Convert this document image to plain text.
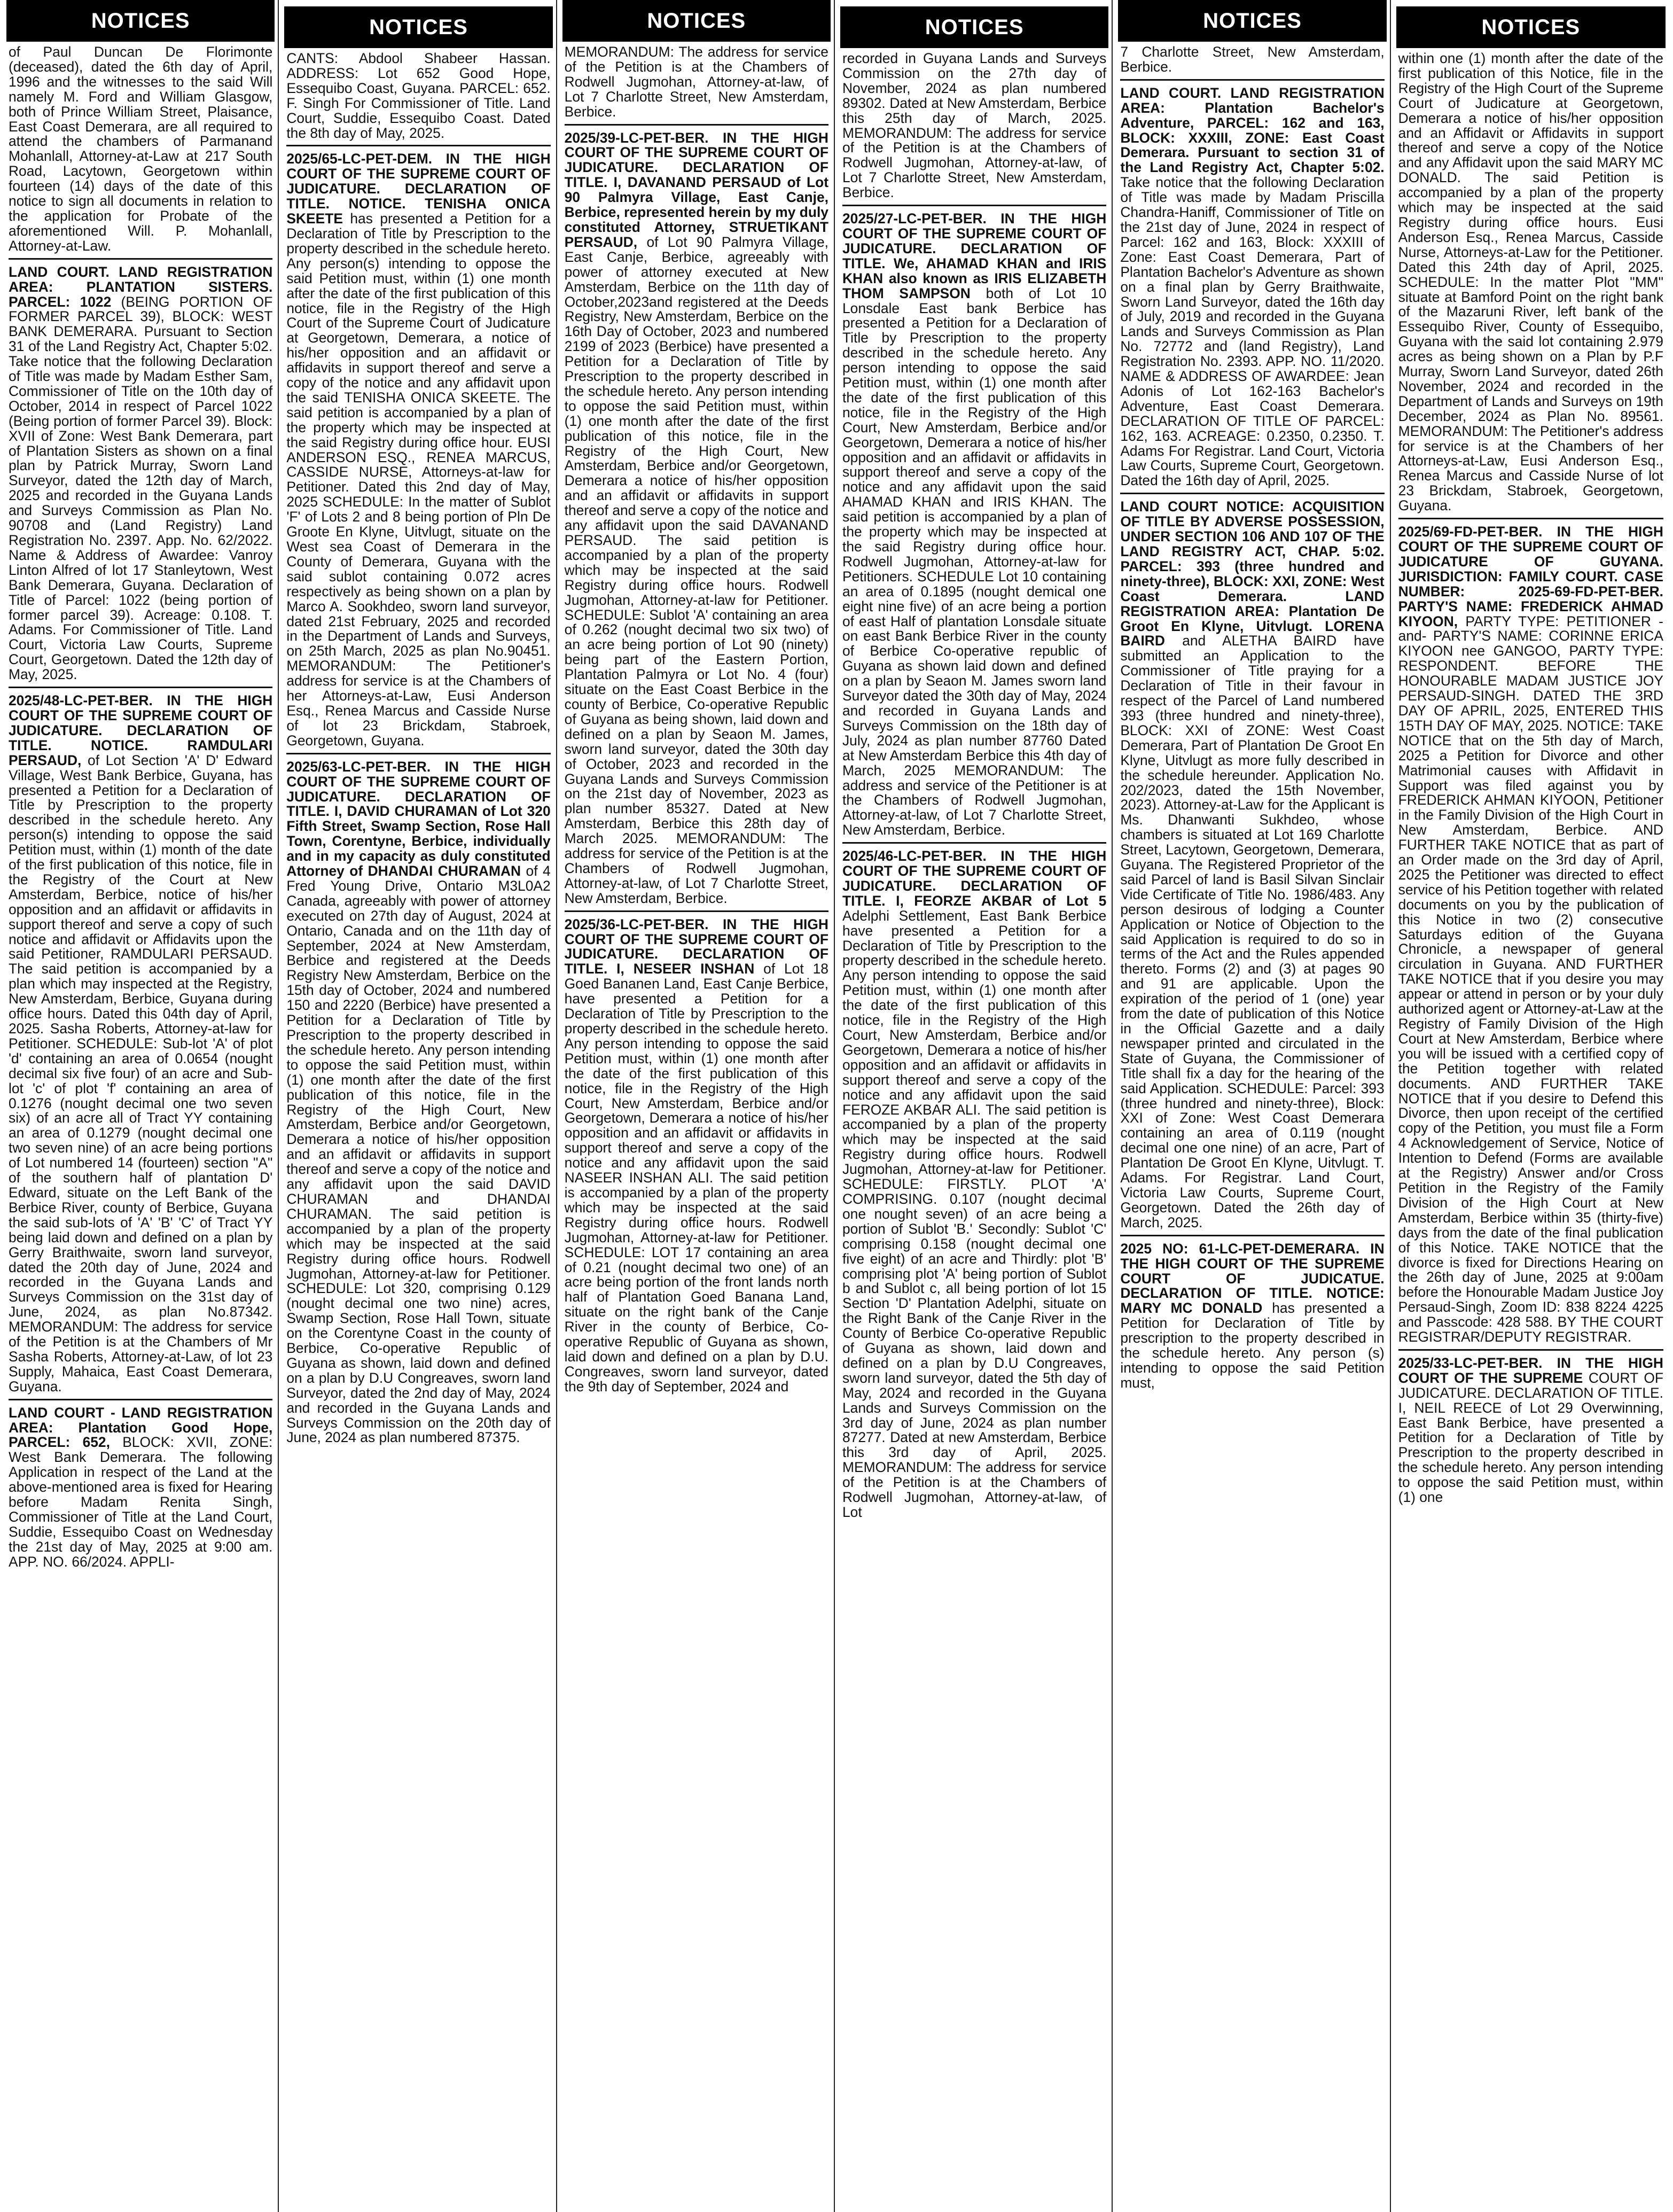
NOTICES

of Paul Duncan De Florimonte (deceased), dated the 6th day of April, 1996 and the witnesses to the said Will namely M. Ford and William Glasgow, both of Prince William Street, Plaisance, East Coast Demerara, are all required to attend the chambers of Parmanand Mohanlall, Attorney-at-Law at 217 South Road, Lacytown, Georgetown within fourteen (14) days of the date of this notice to sign all documents in relation to the application for Probate of the aforementioned Will. P. Mohanlall, Attorney-at-Law.

LAND COURT. LAND REGISTRATION AREA: PLANTATION SISTERS. PARCEL: 1022 (BEING PORTION OF FORMER PARCEL 39), BLOCK: WEST BANK DEMERARA. Pursuant to Section 31 of the Land Registry Act, Chapter 5:02. Take notice that the following Declaration of Title was made by Madam Esther Sam, Commissioner of Title on the 10th day of October, 2014 in respect of Parcel 1022 (Being portion of former Parcel 39). Block: XVII of Zone: West Bank Demerara, part of Plantation Sisters as shown on a final plan by Patrick Murray, Sworn Land Surveyor, dated the 12th day of March, 2025 and recorded in the Guyana Lands and Surveys Commission as Plan No. 90708 and (Land Registry) Land Registration No. 2397. App. No. 62/2022. Name & Address of Awardee: Vanroy Linton Alfred of lot 17 Stanleytown, West Bank Demerara, Guyana. Declaration of Title of Parcel: 1022 (being portion of former parcel 39). Acreage: 0.108. T. Adams. For Commissioner of Title. Land Court, Victoria Law Courts, Supreme Court, Georgetown. Dated the 12th day of May, 2025.

2025/48-LC-PET-BER. IN THE HIGH COURT OF THE SUPREME COURT OF JUDICATURE. DECLARATION OF TITLE. NOTICE. RAMDULARI PERSAUD, of Lot Section 'A' D' Edward Village, West Bank Berbice, Guyana, has presented a Petition for a Declaration of Title by Prescription to the property described in the schedule hereto. Any person(s) intending to oppose the said Petition must, within (1) month of the date of the first publication of this notice, file in the Registry of the Court at New Amsterdam, Berbice, notice of his/her opposition and an affidavit or affidavits in support thereof and serve a copy of such notice and affidavit or Affidavits upon the said Petitioner, RAMDULARI PERSAUD. The said petition is accompanied by a plan which may inspected at the Registry, New Amsterdam, Berbice, Guyana during office hours. Dated this 04th day of April, 2025. Sasha Roberts, Attorney-at-law for Petitioner. SCHEDULE: Sub-lot 'A' of plot 'd' containing an area of 0.0654 (nought decimal six five four) of an acre and Sub-lot 'c' of plot 'f' containing an area of 0.1276 (nought decimal one two seven six) of an acre all of Tract YY containing an area of 0.1279 (nought decimal one two seven nine) of an acre being portions of Lot numbered 14 (fourteen) section "A" of the southern half of plantation D' Edward, situate on the Left Bank of the Berbice River, county of Berbice, Guyana the said sub-lots of 'A' 'B' 'C' of Tract YY being laid down and defined on a plan by Gerry Braithwaite, sworn land surveyor, dated the 20th day of June, 2024 and recorded in the Guyana Lands and Surveys Commission on the 31st day of June, 2024, as plan No.87342. MEMORANDUM: The address for service of the Petition is at the Chambers of Mr Sasha Roberts, Attorney-at-Law, of lot 23 Supply, Mahaica, East Coast Demerara, Guyana.

LAND COURT - LAND REGISTRATION AREA: Plantation Good Hope, PARCEL: 652, BLOCK: XVII, ZONE: West Bank Demerara. The following Application in respect of the Land at the above-mentioned area is fixed for Hearing before Madam Renita Singh, Commissioner of Title at the Land Court, Suddie, Essequibo Coast on Wednesday the 21st day of May, 2025 at 9:00 am. APP. NO. 66/2024. APPLI-

NOTICES

CANTS: Abdool Shabeer Hassan. ADDRESS: Lot 652 Good Hope, Essequibo Coast, Guyana. PARCEL: 652. F. Singh For Commissioner of Title. Land Court, Suddie, Essequibo Coast. Dated the 8th day of May, 2025.

2025/65-LC-PET-DEM. IN THE HIGH COURT OF THE SUPREME COURT OF JUDICATURE. DECLARATION OF TITLE. NOTICE. TENISHA ONICA SKEETE has presented a Petition for a Declaration of Title by Prescription to the property described in the schedule hereto. Any person(s) intending to oppose the said Petition must, within (1) one month after the date of the first publication of this notice, file in the Registry of the High Court of the Supreme Court of Judicature at Georgetown, Demerara, a notice of his/her opposition and an affidavit or affidavits in support thereof and serve a copy of the notice and any affidavit upon the said TENISHA ONICA SKEETE. The said petition is accompanied by a plan of the property which may be inspected at the said Registry during office hour. EUSI ANDERSON ESQ., RENEA MARCUS, CASSIDE NURSE, Attorneys-at-law for Petitioner. Dated this 2nd day of May, 2025 SCHEDULE: In the matter of Sublot 'F' of Lots 2 and 8 being portion of Pln De Groote En Klyne, Uitvlugt, situate on the West sea Coast of Demerara in the County of Demerara, Guyana with the said sublot containing 0.072 acres respectively as being shown on a plan by Marco A. Sookhdeo, sworn land surveyor, dated 21st February, 2025 and recorded in the Department of Lands and Surveys, on 25th March, 2025 as plan No.90451. MEMORANDUM: The Petitioner's address for service is at the Chambers of her Attorneys-at-Law, Eusi Anderson Esq., Renea Marcus and Casside Nurse of lot 23 Brickdam, Stabroek, Georgetown, Guyana.

2025/63-LC-PET-BER. IN THE HIGH COURT OF THE SUPREME COURT OF JUDICATURE. DECLARATION OF TITLE. I, DAVID CHURAMAN of Lot 320 Fifth Street, Swamp Section, Rose Hall Town, Corentyne, Berbice, individually and in my capacity as duly constituted Attorney of DHANDAI CHURAMAN of 4 Fred Young Drive, Ontario M3L0A2 Canada, agreeably with power of attorney executed on 27th day of August, 2024 at Ontario, Canada and on the 11th day of September, 2024 at New Amsterdam, Berbice and registered at the Deeds Registry New Amsterdam, Berbice on the 15th day of October, 2024 and numbered 150 and 2220 (Berbice) have presented a Petition for a Declaration of Title by Prescription to the property described in the schedule hereto. Any person intending to oppose the said Petition must, within (1) one month after the date of the first publication of this notice, file in the Registry of the High Court, New Amsterdam, Berbice and/or Georgetown, Demerara a notice of his/her opposition and an affidavit or affidavits in support thereof and serve a copy of the notice and any affidavit upon the said DAVID CHURAMAN and DHANDAI CHURAMAN. The said petition is accompanied by a plan of the property which may be inspected at the said Registry during office hours. Rodwell Jugmohan, Attorney-at-law for Petitioner. SCHEDULE: Lot 320, comprising 0.129 (nought decimal one two nine) acres, Swamp Section, Rose Hall Town, situate on the Corentyne Coast in the county of Berbice, Co-operative Republic of Guyana as shown, laid down and defined on a plan by D.U Congreaves, sworn land Surveyor, dated the 2nd day of May, 2024 and recorded in the Guyana Lands and Surveys Commission on the 20th day of June, 2024 as plan numbered 87375.

NOTICES

MEMORANDUM: The address for service of the Petition is at the Chambers of Rodwell Jugmohan, Attorney-at-law, of Lot 7 Charlotte Street, New Amsterdam, Berbice.

2025/39-LC-PET-BER. IN THE HIGH COURT OF THE SUPREME COURT OF JUDICATURE. DECLARATION OF TITLE. I, DAVANAND PERSAUD of Lot 90 Palmyra Village, East Canje, Berbice, represented herein by my duly constituted Attorney, STRUETIKANT PERSAUD, of Lot 90 Palmyra Village, East Canje, Berbice, agreeably with power of attorney executed at New Amsterdam, Berbice on the 11th day of October,2023and registered at the Deeds Registry, New Amsterdam, Berbice on the 16th Day of October, 2023 and numbered 2199 of 2023 (Berbice) have presented a Petition for a Declaration of Title by Prescription to the property described in the schedule hereto. Any person intending to oppose the said Petition must, within (1) one month after the date of the first publication of this notice, file in the Registry of the High Court, New Amsterdam, Berbice and/or Georgetown, Demerara a notice of his/her opposition and an affidavit or affidavits in support thereof and serve a copy of the notice and any affidavit upon the said DAVANAND PERSAUD. The said petition is accompanied by a plan of the property which may be inspected at the said Registry during office hours. Rodwell Jugmohan, Attorney-at-law for Petitioner. SCHEDULE: Sublot 'A' containing an area of 0.262 (nought decimal two six two) of an acre being portion of Lot 90 (ninety) being part of the Eastern Portion, Plantation Palmyra or Lot No. 4 (four) situate on the East Coast Berbice in the county of Berbice, Co-operative Republic of Guyana as being shown, laid down and defined on a plan by Seaon M. James, sworn land surveyor, dated the 30th day of October, 2023 and recorded in the Guyana Lands and Surveys Commission on the 21st day of November, 2023 as plan number 85327. Dated at New Amsterdam, Berbice this 28th day of March 2025. MEMORANDUM: The address for service of the Petition is at the Chambers of Rodwell Jugmohan, Attorney-at-law, of Lot 7 Charlotte Street, New Amsterdam, Berbice.

2025/36-LC-PET-BER. IN THE HIGH COURT OF THE SUPREME COURT OF JUDICATURE. DECLARATION OF TITLE. I, NESEER INSHAN of Lot 18 Goed Bananen Land, East Canje Berbice, have presented a Petition for a Declaration of Title by Prescription to the property described in the schedule hereto. Any person intending to oppose the said Petition must, within (1) one month after the date of the first publication of this notice, file in the Registry of the High Court, New Amsterdam, Berbice and/or Georgetown, Demerara a notice of his/her opposition and an affidavit or affidavits in support thereof and serve a copy of the notice and any affidavit upon the said NASEER INSHAN ALI. The said petition is accompanied by a plan of the property which may be inspected at the said Registry during office hours. Rodwell Jugmohan, Attorney-at-law for Petitioner. SCHEDULE: LOT 17 containing an area of 0.21 (nought decimal two one) of an acre being portion of the front lands north half of Plantation Goed Banana Land, situate on the right bank of the Canje River in the county of Berbice, Co-operative Republic of Guyana as shown, laid down and defined on a plan by D.U. Congreaves, sworn land surveyor, dated the 9th day of September, 2024 and

NOTICES

recorded in Guyana Lands and Surveys Commission on the 27th day of November, 2024 as plan numbered 89302. Dated at New Amsterdam, Berbice this 25th day of March, 2025. MEMORANDUM: The address for service of the Petition is at the Chambers of Rodwell Jugmohan, Attorney-at-law, of Lot 7 Charlotte Street, New Amsterdam, Berbice.

2025/27-LC-PET-BER. IN THE HIGH COURT OF THE SUPREME COURT OF JUDICATURE. DECLARATION OF TITLE. We, AHAMAD KHAN and IRIS KHAN also known as IRIS ELIZABETH THOM SAMPSON both of Lot 10 Lonsdale East bank Berbice has presented a Petition for a Declaration of Title by Prescription to the property described in the schedule hereto. Any person intending to oppose the said Petition must, within (1) one month after the date of the first publication of this notice, file in the Registry of the High Court, New Amsterdam, Berbice and/or Georgetown, Demerara a notice of his/her opposition and an affidavit or affidavits in support thereof and serve a copy of the notice and any affidavit upon the said AHAMAD KHAN and IRIS KHAN. The said petition is accompanied by a plan of the property which may be inspected at the said Registry during office hour. Rodwell Jugmohan, Attorney-at-law for Petitioners. SCHEDULE Lot 10 containing an area of 0.1895 (nought demical one eight nine five) of an acre being a portion of east Half of plantation Lonsdale situate on east Bank Berbice River in the county of Berbice Co-operative republic of Guyana as shown laid down and defined on a plan by Seaon M. James sworn land Surveyor dated the 30th day of May, 2024 and recorded in Guyana Lands and Surveys Commission on the 18th day of July, 2024 as plan number 87760 Dated at New Amsterdam Berbice this 4th day of March, 2025 MEMORANDUM: The address and service of the Petitioner is at the Chambers of Rodwell Jugmohan, Attorney-at-law, of Lot 7 Charlotte Street, New Amsterdam, Berbice.

2025/46-LC-PET-BER. IN THE HIGH COURT OF THE SUPREME COURT OF JUDICATURE. DECLARATION OF TITLE. I, FEORZE AKBAR of Lot 5 Adelphi Settlement, East Bank Berbice have presented a Petition for a Declaration of Title by Prescription to the property described in the schedule hereto. Any person intending to oppose the said Petition must, within (1) one month after the date of the first publication of this notice, file in the Registry of the High Court, New Amsterdam, Berbice and/or Georgetown, Demerara a notice of his/her opposition and an affidavit or affidavits in support thereof and serve a copy of the notice and any affidavit upon the said FEROZE AKBAR ALI. The said petition is accompanied by a plan of the property which may be inspected at the said Registry during office hours. Rodwell Jugmohan, Attorney-at-law for Petitioner. SCHEDULE: FIRSTLY. PLOT 'A' COMPRISING. 0.107 (nought decimal one nought seven) of an acre being a portion of Sublot 'B.' Secondly: Sublot 'C' comprising 0.158 (nought decimal one five eight) of an acre and Thirdly: plot 'B' comprising plot 'A' being portion of Sublot b and Sublot c, all being portion of lot 15 Section 'D' Plantation Adelphi, situate on the Right Bank of the Canje River in the County of Berbice Co-operative Republic of Guyana as shown, laid down and defined on a plan by D.U Congreaves, sworn land surveyor, dated the 5th day of May, 2024 and recorded in the Guyana Lands and Surveys Commission on the 3rd day of June, 2024 as plan number 87277. Dated at new Amsterdam, Berbice this 3rd day of April, 2025. MEMORANDUM: The address for service of the Petition is at the Chambers of Rodwell Jugmohan, Attorney-at-law, of Lot

NOTICES

7 Charlotte Street, New Amsterdam, Berbice.

LAND COURT. LAND REGISTRATION AREA: Plantation Bachelor's Adventure, PARCEL: 162 and 163, BLOCK: XXXIII, ZONE: East Coast Demerara. Pursuant to section 31 of the Land Registry Act, Chapter 5:02. Take notice that the following Declaration of Title was made by Madam Priscilla Chandra-Haniff, Commissioner of Title on the 21st day of June, 2024 in respect of Parcel: 162 and 163, Block: XXXIII of Zone: East Coast Demerara, Part of Plantation Bachelor's Adventure as shown on a final plan by Gerry Braithwaite, Sworn Land Surveyor, dated the 16th day of July, 2019 and recorded in the Guyana Lands and Surveys Commission as Plan No. 72772 and (land Registry), Land Registration No. 2393. APP. NO. 11/2020. NAME & ADDRESS OF AWARDEE: Jean Adonis of Lot 162-163 Bachelor's Adventure, East Coast Demerara. DECLARATION OF TITLE OF PARCEL: 162, 163. ACREAGE: 0.2350, 0.2350. T. Adams For Registrar. Land Court, Victoria Law Courts, Supreme Court, Georgetown. Dated the 16th day of April, 2025.

LAND COURT NOTICE: ACQUISITION OF TITLE BY ADVERSE POSSESSION, UNDER SECTION 106 AND 107 OF THE LAND REGISTRY ACT, CHAP. 5:02. PARCEL: 393 (three hundred and ninety-three), BLOCK: XXI, ZONE: West Coast Demerara. LAND REGISTRATION AREA: Plantation De Groot En Klyne, Uitvlugt. LORENA BAIRD and ALETHA BAIRD have submitted an Application to the Commissioner of Title praying for a Declaration of Title in their favour in respect of the Parcel of Land numbered 393 (three hundred and ninety-three), BLOCK: XXI of ZONE: West Coast Demerara, Part of Plantation De Groot En Klyne, Uitvlugt as more fully described in the schedule hereunder. Application No. 202/2023, dated the 15th November, 2023). Attorney-at-Law for the Applicant is Ms. Dhanwanti Sukhdeo, whose chambers is situated at Lot 169 Charlotte Street, Lacytown, Georgetown, Demerara, Guyana. The Registered Proprietor of the said Parcel of land is Basil Silvan Sinclair Vide Certificate of Title No. 1986/483. Any person desirous of lodging a Counter Application or Notice of Objection to the said Application is required to do so in terms of the Act and the Rules appended thereto. Forms (2) and (3) at pages 90 and 91 are applicable. Upon the expiration of the period of 1 (one) year from the date of publication of this Notice in the Official Gazette and a daily newspaper printed and circulated in the State of Guyana, the Commissioner of Title shall fix a day for the hearing of the said Application. SCHEDULE: Parcel: 393 (three hundred and ninety-three), Block: XXI of Zone: West Coast Demerara containing an area of 0.119 (nought decimal one one nine) of an acre, Part of Plantation De Groot En Klyne, Uitvlugt. T. Adams. For Registrar. Land Court, Victoria Law Courts, Supreme Court, Georgetown. Dated the 26th day of March, 2025.

2025 NO: 61-LC-PET-DEMERARA. IN THE HIGH COURT OF THE SUPREME COURT OF JUDICATUE. DECLARATION OF TITLE. NOTICE: MARY MC DONALD has presented a Petition for Declaration of Title by prescription to the property described in the schedule hereto. Any person (s) intending to oppose the said Petition must,

NOTICES

within one (1) month after the date of the first publication of this Notice, file in the Registry of the High Court of the Supreme Court of Judicature at Georgetown, Demerara a notice of his/her opposition and an Affidavit or Affidavits in support thereof and serve a copy of the Notice and any Affidavit upon the said MARY MC DONALD. The said Petition is accompanied by a plan of the property which may be inspected at the said Registry during office hours. Eusi Anderson Esq., Renea Marcus, Casside Nurse, Attorneys-at-Law for the Petitioner. Dated this 24th day of April, 2025. SCHEDULE: In the matter Plot "MM" situate at Bamford Point on the right bank of the Mazaruni River, left bank of the Essequibo River, County of Essequibo, Guyana with the said lot containing 2.979 acres as being shown on a Plan by P.F Murray, Sworn Land Surveyor, dated 26th November, 2024 and recorded in the Department of Lands and Surveys on 19th December, 2024 as Plan No. 89561. MEMORANDUM: The Petitioner's address for service is at the Chambers of her Attorneys-at-Law, Eusi Anderson Esq., Renea Marcus and Casside Nurse of lot 23 Brickdam, Stabroek, Georgetown, Guyana.

2025/69-FD-PET-BER. IN THE HIGH COURT OF THE SUPREME COURT OF JUDICATURE OF GUYANA. JURISDICTION: FAMILY COURT. CASE NUMBER: 2025-69-FD-PET-BER. PARTY'S NAME: FREDERICK AHMAD KIYOON, PARTY TYPE: PETITIONER - and- PARTY'S NAME: CORINNE ERICA KIYOON nee GANGOO, PARTY TYPE: RESPONDENT. BEFORE THE HONOURABLE MADAM JUSTICE JOY PERSAUD-SINGH. DATED THE 3RD DAY OF APRIL, 2025, ENTERED THIS 15TH DAY OF MAY, 2025. NOTICE: TAKE NOTICE that on the 5th day of March, 2025 a Petition for Divorce and other Matrimonial causes with Affidavit in Support was filed against you by FREDERICK AHMAN KIYOON, Petitioner in the Family Division of the High Court in New Amsterdam, Berbice. AND FURTHER TAKE NOTICE that as part of an Order made on the 3rd day of April, 2025 the Petitioner was directed to effect service of his Petition together with related documents on you by the publication of this Notice in two (2) consecutive Saturdays edition of the Guyana Chronicle, a newspaper of general circulation in Guyana. AND FURTHER TAKE NOTICE that if you desire you may appear or attend in person or by your duly authorized agent or Attorney-at-Law at the Registry of Family Division of the High Court at New Amsterdam, Berbice where you will be issued with a certified copy of the Petition together with related documents. AND FURTHER TAKE NOTICE that if you desire to Defend this Divorce, then upon receipt of the certified copy of the Petition, you must file a Form 4 Acknowledgement of Service, Notice of Intention to Defend (Forms are available at the Registry) Answer and/or Cross Petition in the Registry of the Family Division of the High Court at New Amsterdam, Berbice within 35 (thirty-five) days from the date of the final publication of this Notice. TAKE NOTICE that the divorce is fixed for Directions Hearing on the 26th day of June, 2025 at 9:00am before the Honourable Madam Justice Joy Persaud-Singh, Zoom ID: 838 8224 4225 and Passcode: 428 588. BY THE COURT REGISTRAR/DEPUTY REGISTRAR.

2025/33-LC-PET-BER. IN THE HIGH COURT OF THE SUPREME COURT OF JUDICATURE. DECLARATION OF TITLE. I, NEIL REECE of Lot 29 Overwinning, East Bank Berbice, have presented a Petition for a Declaration of Title by Prescription to the property described in the schedule hereto. Any person intending to oppose the said Petition must, within (1) one
